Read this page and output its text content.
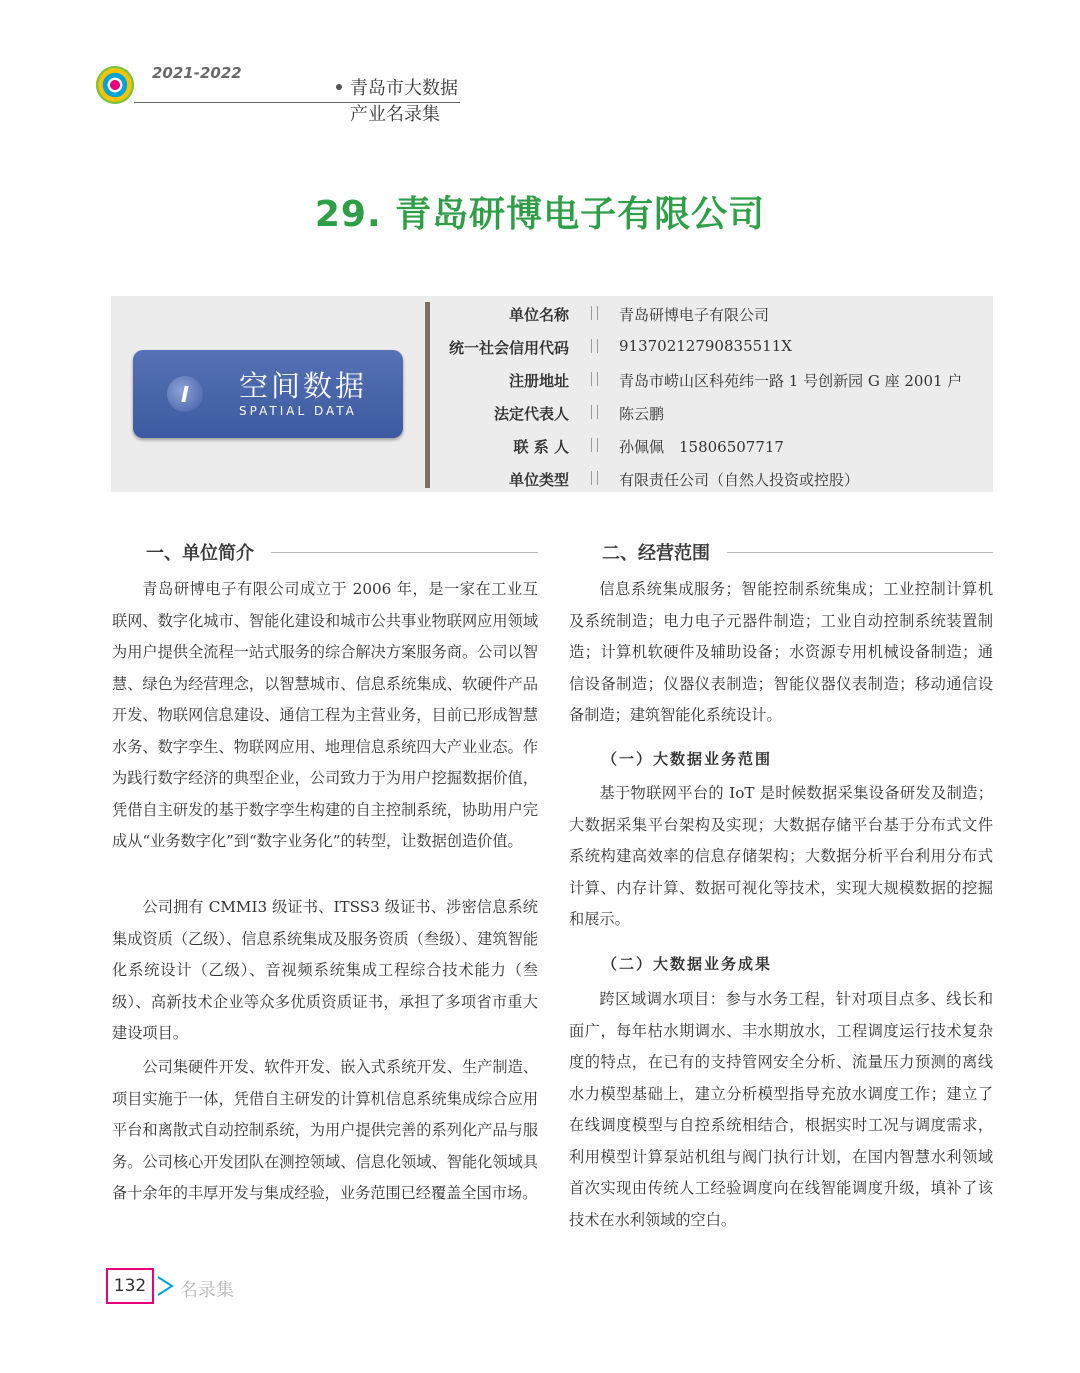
2021-2022
青岛市大数据产业名录集
29. 青岛研博电子有限公司
空间数据
SPATIAL DATA
单位名称	青岛研博电子有限公司
统一社会信用代码	91370212790835511X
注册地址	青岛市崂山区科苑纬一路 1 号创新园 G 座 2001 户
法定代表人	陈云鹏
联 系 人	孙佩佩　15806507717
单位类型	有限责任公司（自然人投资或控股）
一、单位简介

青岛研博电子有限公司成立于 2006 年，是一家在工业互联网、数字化城市、智能化建设和城市公共事业物联网应用领域为用户提供全流程一站式服务的综合解决方案服务商。公司以智慧、绿色为经营理念，以智慧城市、信息系统集成、软硬件产品开发、物联网信息建设、通信工程为主营业务，目前已形成智慧水务、数字孪生、物联网应用、地理信息系统四大产业业态。作为践行数字经济的典型企业，公司致力于为用户挖掘数据价值，凭借自主研发的基于数字孪生构建的自主控制系统，协助用户完成从“业务数字化”到“数字业务化”的转型，让数据创造价值。

公司拥有 CMMI3 级证书、ITSS3 级证书、涉密信息系统集成资质（乙级）、信息系统集成及服务资质（叁级）、建筑智能化系统设计（乙级）、音视频系统集成工程综合技术能力（叁级）、高新技术企业等众多优质资质证书，承担了多项省市重大建设项目。

公司集硬件开发、软件开发、嵌入式系统开发、生产制造、项目实施于一体，凭借自主研发的计算机信息系统集成综合应用平台和离散式自动控制系统，为用户提供完善的系列化产品与服务。公司核心开发团队在测控领域、信息化领域、智能化领域具备十余年的丰厚开发与集成经验，业务范围已经覆盖全国市场。

二、经营范围

信息系统集成服务；智能控制系统集成；工业控制计算机及系统制造；电力电子元器件制造；工业自动控制系统装置制造；计算机软硬件及辅助设备；水资源专用机械设备制造；通信设备制造；仪器仪表制造；智能仪器仪表制造；移动通信设备制造；建筑智能化系统设计。

（一）大数据业务范围

基于物联网平台的 IoT 是时候数据采集设备研发及制造；大数据采集平台架构及实现；大数据存储平台基于分布式文件系统构建高效率的信息存储架构；大数据分析平台利用分布式计算、内存计算、数据可视化等技术，实现大规模数据的挖掘和展示。

（二）大数据业务成果

跨区域调水项目：参与水务工程，针对项目点多、线长和面广，每年枯水期调水、丰水期放水，工程调度运行技术复杂度的特点，在已有的支持管网安全分析、流量压力预测的离线水力模型基础上，建立分析模型指导充放水调度工作；建立了在线调度模型与自控系统相结合，根据实时工况与调度需求，利用模型计算泵站机组与阀门执行计划，在国内智慧水利领域首次实现由传统人工经验调度向在线智能调度升级，填补了该技术在水利领域的空白。

132	名录集
